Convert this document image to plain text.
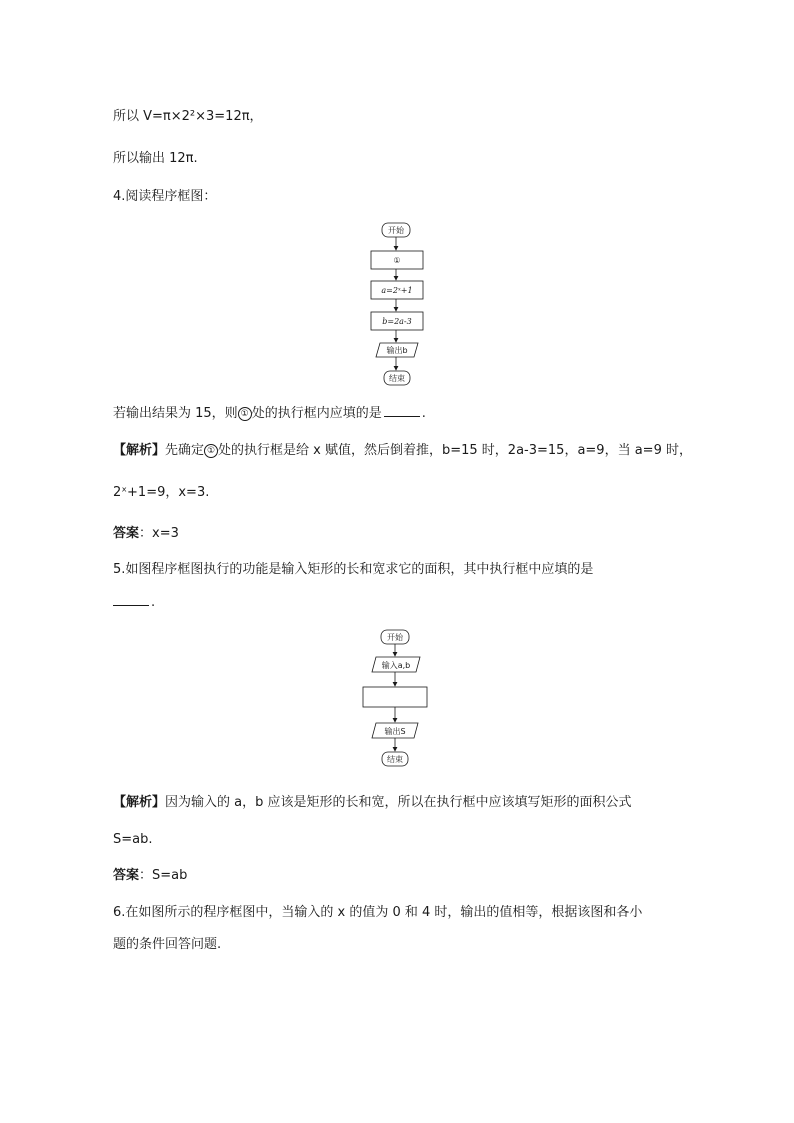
所以 V=π×2²×3=12π，
所以输出 12π.
4.阅读程序框图：
开始
①
a=2ˣ+1
b=2a-3
输出b
结束
若输出结果为 15，则 ① 处的执行框内应填的是	.
【解析】先确定 ① 处的执行框是给 x 赋值，然后倒着推，b=15 时，2a-3=15，a=9，当 a=9 时，
2ˣ+1=9，x=3.
答案：x=3
5.如图程序框图执行的功能是输入矩形的长和宽求它的面积，其中执行框中应填的是
.
开始
输入a,b
输出S
结束
【解析】因为输入的 a，b 应该是矩形的长和宽，所以在执行框中应该填写矩形的面积公式
S=ab.
答案：S=ab
6.在如图所示的程序框图中，当输入的 x 的值为 0 和 4 时，输出的值相等，根据该图和各小
题的条件回答问题.
